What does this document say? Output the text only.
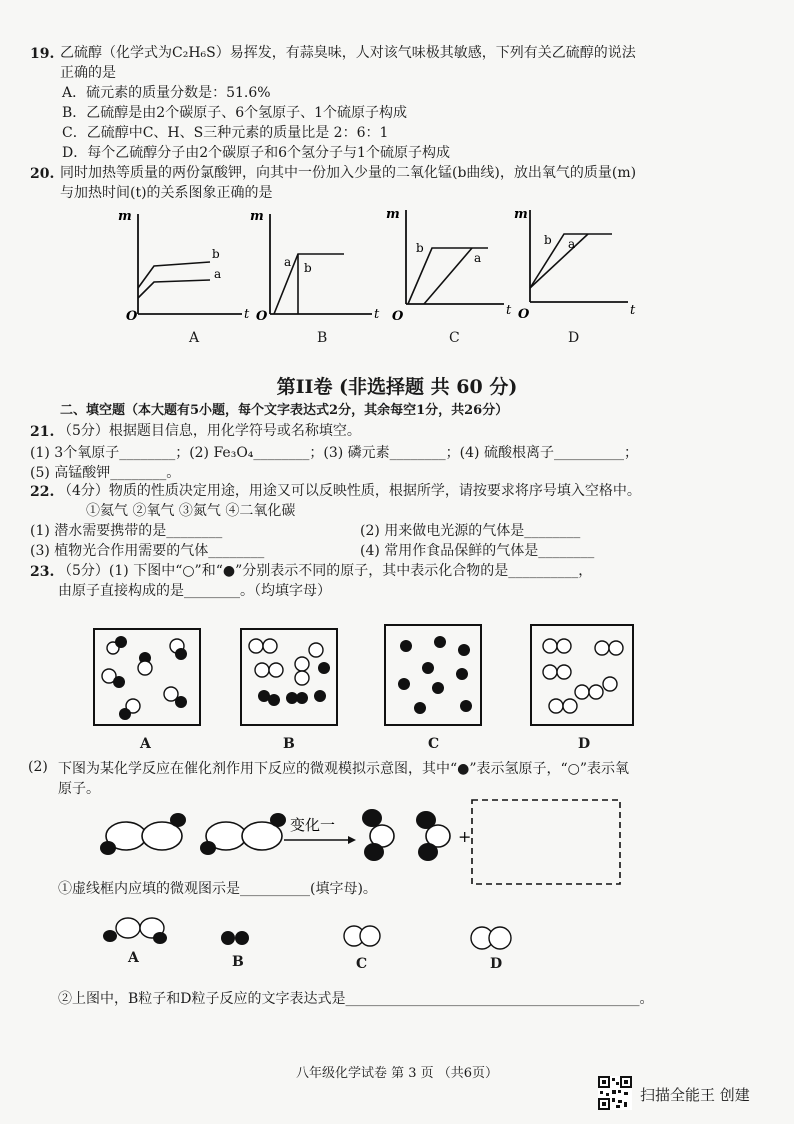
19. 乙硫醇（化学式为C₂H₆S）易挥发，有蒜臭味，人对该气味极其敏感，下列有关乙硫醇的说法
正确的是
A．硫元素的质量分数是：51.6%
B．乙硫醇是由2个碳原子、6个氢原子、1个硫原子构成
C．乙硫醇中C、H、S三种元素的质量比是 2：6：1
D．每个乙硫醇分子由2个碳原子和6个氢分子与1个硫原子构成
20. 同时加热等质量的两份氯酸钾，向其中一份加入少量的二氧化锰(b曲线)，放出氧气的质量(m)
与加热时间(t)的关系图象正确的是
m
O	t
b
a
A
m
O	t
a b
B
m
O	t
b
a
C
m
O	t
b a
D
第II卷 (非选择题 共 60 分)
二、填空题（本大题有5小题，每个文字表达式2分，其余每空1分，共26分）
21. （5分）根据题目信息，用化学符号或名称填空。
(1) 3个氧原子________；(2) Fe₃O₄________；(3) 磷元素________；(4) 硫酸根离子__________；
(5) 高锰酸钾________。
22. （4分）物质的性质决定用途，用途又可以反映性质，根据所学，请按要求将序号填入空格中。
①氦气 ②氧气 ③氮气 ④二氧化碳
(1) 潜水需要携带的是________	(2) 用来做电光源的气体是________
(3) 植物光合作用需要的气体________	(4) 常用作食品保鲜的气体是________
23. （5分）(1) 下图中“○”和“●”分别表示不同的原子，其中表示化合物的是__________，
由原子直接构成的是________。（均填字母）
A	B	C	D
(2) 下图为某化学反应在催化剂作用下反应的微观模拟示意图，其中“●”表示氢原子，“○”表示氧
原子。
变化一
+
①虚线框内应填的微观图示是__________(填字母)。
A	B	C	D
②上图中，B粒子和D粒子反应的文字表达式是__________________________________________。
八年级化学试卷 第 3 页 （共6页）
扫描全能王 创建
